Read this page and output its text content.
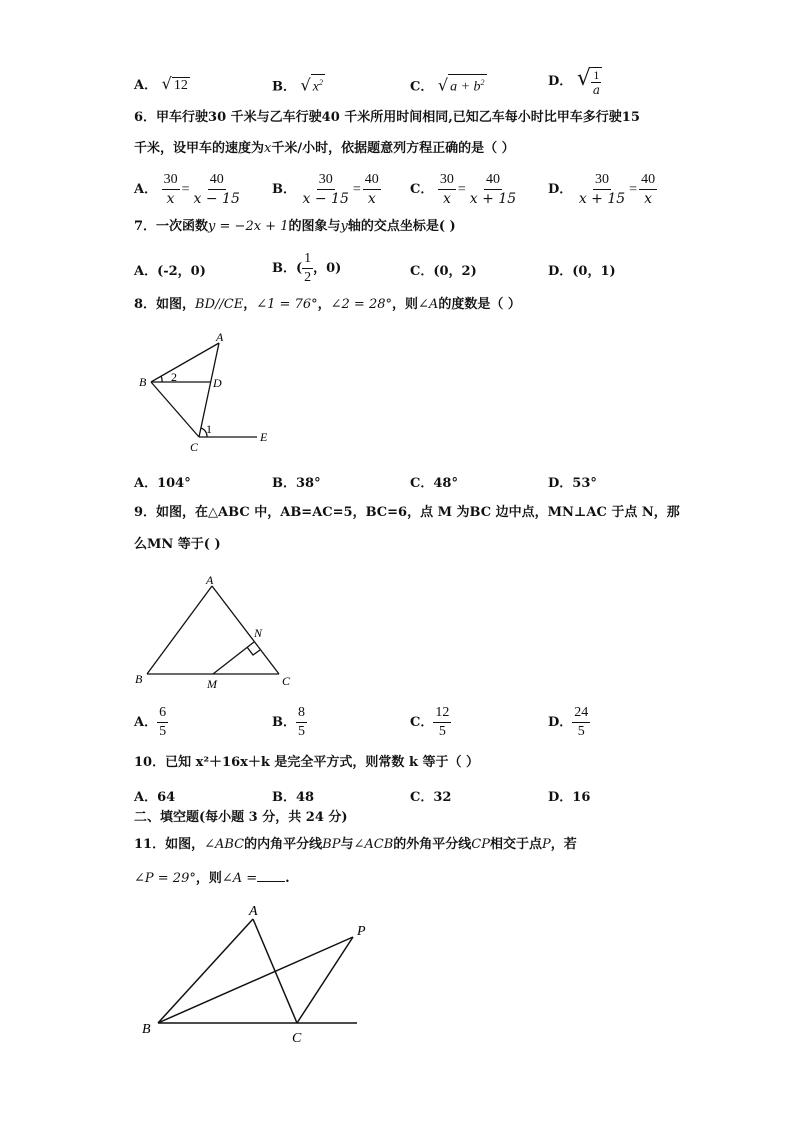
A． √ 12	B． √ $x^2$	C． √ $a + b^2$	D． √ $\frac{1}{a}$
6．甲车行驶30 千米与乙车行驶40 千米所用时间相同,已知乙车每小时比甲车多行驶15
千米，设甲车的速度为x千米/小时，依据题意列方程正确的是（ ）
A． $\frac{30}{x} = \frac{40}{x - 15}$ B． $\frac{30}{x - 15} = \frac{40}{x}$ C． $\frac{30}{x} = \frac{40}{x + 15}$ D． $\frac{30}{x + 15} = \frac{40}{x}$
7．一次函数y = −2x + 1的图象与y轴的交点坐标是( )
A．(-2，0)	B．( $\frac{1}{2}$ ，0)	C．(0，2)	D．(0，1)
8．如图，BD//CE，∠1 = 76°，∠2 = 28°，则∠A的度数是（ ）
A
B
C
D
E
1
2
A．104°	B．38°	C．48°	D．53°
9．如图，在△ABC 中，AB=AC=5，BC=6，点 M 为BC 边中点，MN⊥AC 于点 N，那
么MN 等于( )
A
B	C
M
N
A． $\frac{6}{5}$	B． $\frac{8}{5}$	C． $\frac{12}{5}$	D． $\frac{24}{5}$
10．已知 x²＋16x＋k 是完全平方式，则常数 k 等于（ ）
A．64	B．48	C．32	D．16
二、填空题(每小题 3 分，共 24 分)
11．如图，∠ABC的内角平分线BP与∠ACB的外角平分线CP相交于点P，若
∠P = 29°，则∠A = .
A
B
C
P
